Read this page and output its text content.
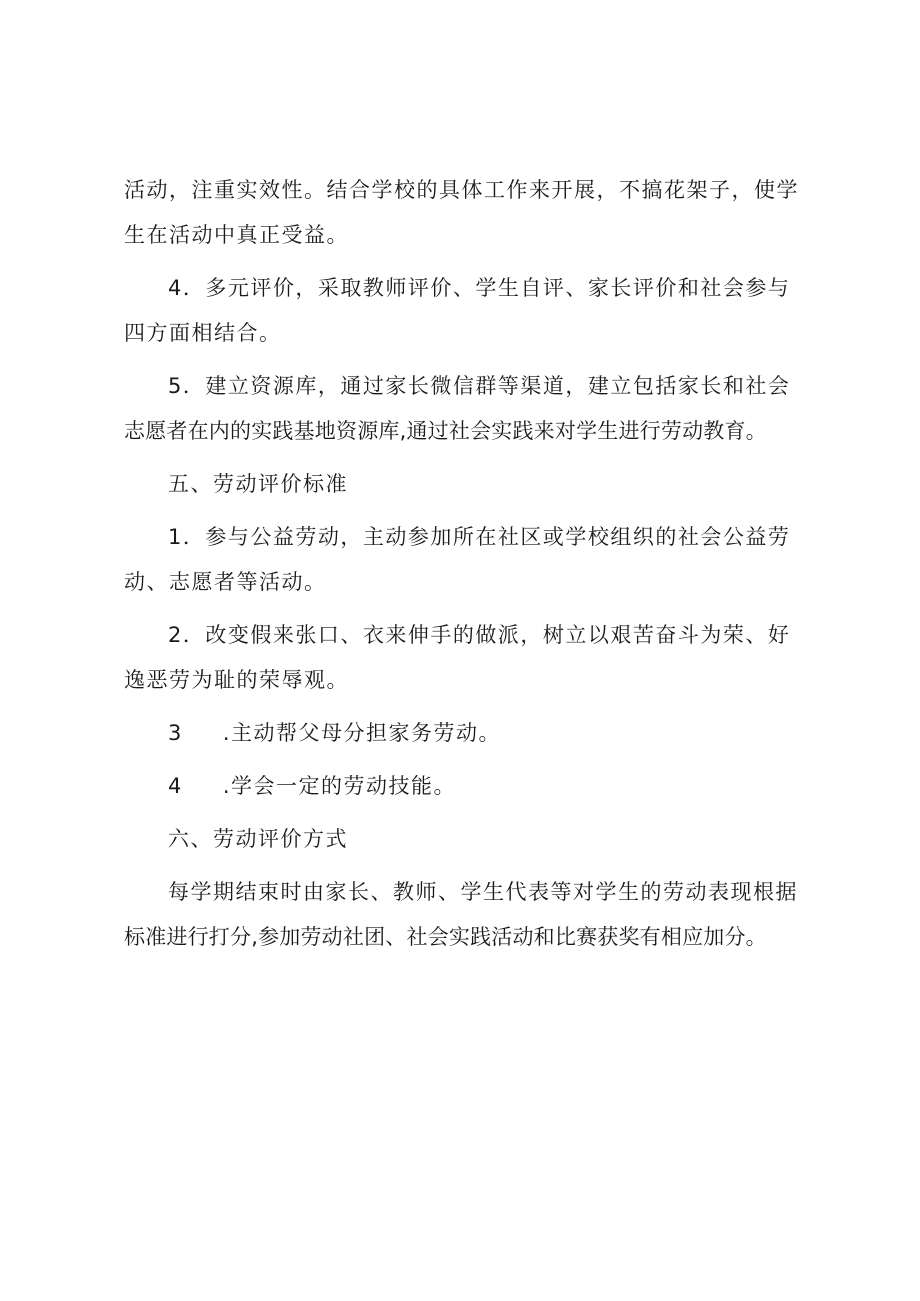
活动，注重实效性。结合学校的具体工作来开展，不搞花架子，使学
生在活动中真正受益。

4．多元评价，采取教师评价、学生自评、家长评价和社会参与
四方面相结合。

5．建立资源库，通过家长微信群等渠道，建立包括家长和社会
志愿者在内的实践基地资源库,通过社会实践来对学生进行劳动教育。

五、劳动评价标准

1．参与公益劳动，主动参加所在社区或学校组织的社会公益劳
动、志愿者等活动。

2．改变假来张口、衣来伸手的做派，树立以艰苦奋斗为荣、好
逸恶劳为耻的荣辱观。

3 .主动帮父母分担家务劳动。

4 .学会一定的劳动技能。

六、劳动评价方式

每学期结束时由家长、教师、学生代表等对学生的劳动表现根据
标准进行打分,参加劳动社团、社会实践活动和比赛获奖有相应加分。
